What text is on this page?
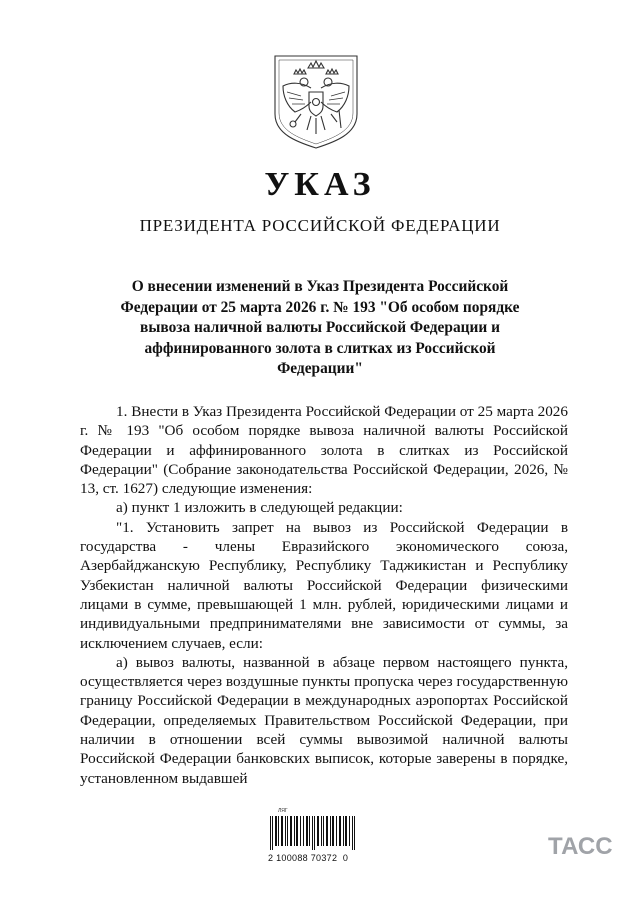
УКАЗ
ПРЕЗИДЕНТА РОССИЙСКОЙ ФЕДЕРАЦИИ
О внесении изменений в Указ Президента Российской Федерации от 25 марта 2026 г. № 193 "Об особом порядке вывоза наличной валюты Российской Федерации и аффинированного золота в слитках из Российской Федерации"

1. Внести в Указ Президента Российской Федерации от 25 марта 2026 г. № 193 "Об особом порядке вывоза наличной валюты Российской Федерации и аффинированного золота в слитках из Российской Федерации" (Собрание законодательства Российской Федерации, 2026, № 13, ст. 1627) следующие изменения:

а) пункт 1 изложить в следующей редакции:

"1. Установить запрет на вывоз из Российской Федерации в государства - члены Евразийского экономического союза, Азербайджанскую Республику, Республику Таджикистан и Республику Узбекистан наличной валюты Российской Федерации физическими лицами в сумме, превышающей 1 млн. рублей, юридическими лицами и индивидуальными предпринимателями вне зависимости от суммы, за исключением случаев, если:

а) вывоз валюты, названной в абзаце первом настоящего пункта, осуществляется через воздушные пункты пропуска через государственную границу Российской Федерации в международных аэропортах Российской Федерации, определяемых Правительством Российской Федерации, при наличии в отношении всей суммы вывозимой наличной валюты Российской Федерации банковских выписок, которые заверены в порядке, установленном выдавшей

ЛЯГ
2 100088 70372  0	ТАСС
